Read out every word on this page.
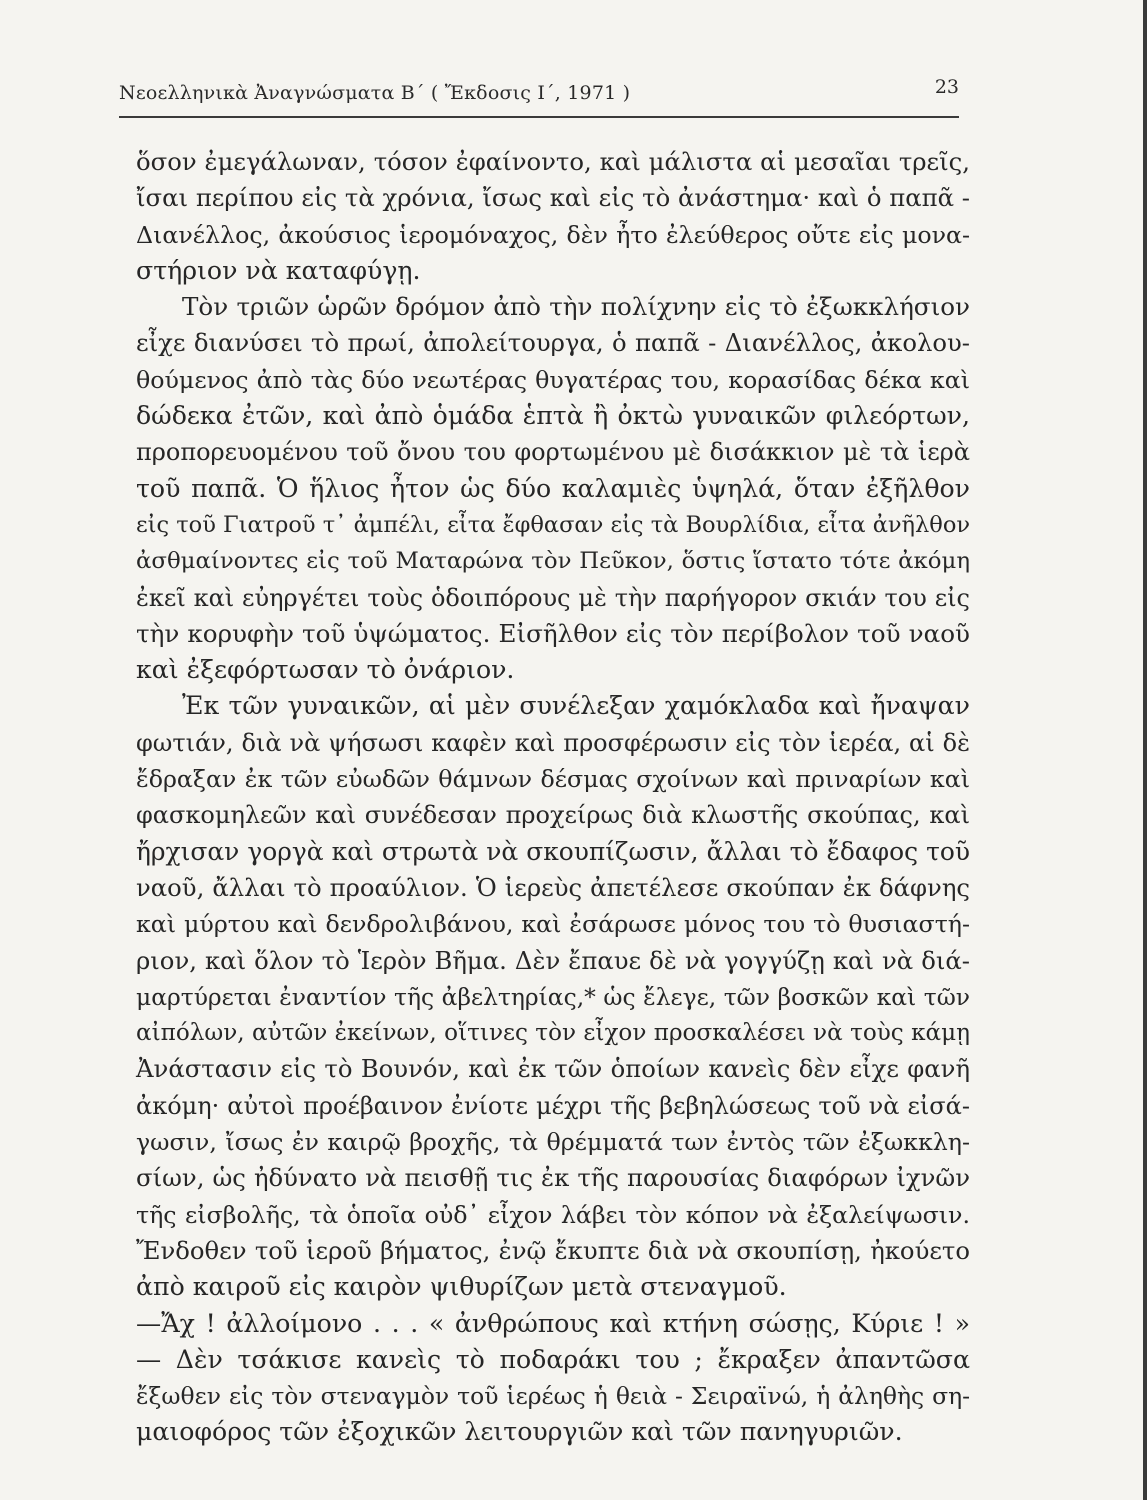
Νεοελληνικὰ Ἀναγνώσματα Β΄ ( Ἔκδοσις Ι΄, 1971 )	23
ὅσον ἐμεγάλωναν, τόσον ἐφαίνοντο, καὶ μάλιστα αἱ μεσαῖαι τρεῖς,
ἴσαι περίπου εἰς τὰ χρόνια, ἴσως καὶ εἰς τὸ ἀνάστημα· καὶ ὁ παπᾶ -
Διανέλλος, ἀκούσιος ἱερομόναχος, δὲν ἦτο ἐλεύθερος οὔτε εἰς μονα-
στήριον νὰ καταφύγῃ.
Τὸν τριῶν ὡρῶν δρόμον ἀπὸ τὴν πολίχνην εἰς τὸ ἐξωκκλήσιον
εἶχε διανύσει τὸ πρωί, ἀπολείτουργα, ὁ παπᾶ - Διανέλλος, ἀκολου-
θούμενος ἀπὸ τὰς δύο νεωτέρας θυγατέρας του, κορασίδας δέκα καὶ
δώδεκα ἐτῶν, καὶ ἀπὸ ὁμάδα ἑπτὰ ἢ ὀκτὼ γυναικῶν φιλεόρτων,
προπορευομένου τοῦ ὄνου του φορτωμένου μὲ δισάκκιον μὲ τὰ ἱερὰ
τοῦ παπᾶ. Ὁ ἥλιος ἦτον ὡς δύο καλαμιὲς ὑψηλά, ὅταν ἐξῆλθον
εἰς τοῦ Γιατροῦ τ᾿ ἀμπέλι, εἶτα ἔφθασαν εἰς τὰ Βουρλίδια, εἶτα ἀνῆλθον
ἀσθμαίνοντες εἰς τοῦ Ματαρώνα τὸν Πεῦκον, ὅστις ἵστατο τότε ἀκόμη
ἐκεῖ καὶ εὐηργέτει τοὺς ὁδοιπόρους μὲ τὴν παρήγορον σκιάν του εἰς
τὴν κορυφὴν τοῦ ὑψώματος. Εἰσῆλθον εἰς τὸν περίβολον τοῦ ναοῦ
καὶ ἐξεφόρτωσαν τὸ ὀνάριον.
Ἐκ τῶν γυναικῶν, αἱ μὲν συνέλεξαν χαμόκλαδα καὶ ἤναψαν
φωτιάν, διὰ νὰ ψήσωσι καφὲν καὶ προσφέρωσιν εἰς τὸν ἱερέα, αἱ δὲ
ἔδραξαν ἐκ τῶν εὐωδῶν θάμνων δέσμας σχοίνων καὶ πριναρίων καὶ
φασκομηλεῶν καὶ συνέδεσαν προχείρως διὰ κλωστῆς σκούπας, καὶ
ἤρχισαν γοργὰ καὶ στρωτὰ νὰ σκουπίζωσιν, ἄλλαι τὸ ἔδαφος τοῦ
ναοῦ, ἄλλαι τὸ προαύλιον. Ὁ ἱερεὺς ἀπετέλεσε σκούπαν ἐκ δάφνης
καὶ μύρτου καὶ δενδρολιβάνου, καὶ ἐσάρωσε μόνος του τὸ θυσιαστή-
ριον, καὶ ὅλον τὸ Ἱερὸν Βῆμα. Δὲν ἔπαυε δὲ νὰ γογγύζῃ καὶ νὰ διά-
μαρτύρεται ἐναντίον τῆς ἀβελτηρίας,* ὡς ἔλεγε, τῶν βοσκῶν καὶ τῶν
αἰπόλων, αὐτῶν ἐκείνων, οἵτινες τὸν εἶχον προσκαλέσει νὰ τοὺς κάμῃ
Ἀνάστασιν εἰς τὸ Βουνόν, καὶ ἐκ τῶν ὁποίων κανεὶς δὲν εἶχε φανῆ
ἀκόμη· αὐτοὶ προέβαινον ἐνίοτε μέχρι τῆς βεβηλώσεως τοῦ νὰ εἰσά-
γωσιν, ἴσως ἐν καιρῷ βροχῆς, τὰ θρέμματά των ἐντὸς τῶν ἐξωκκλη-
σίων, ὡς ἠδύνατο νὰ πεισθῇ τις ἐκ τῆς παρουσίας διαφόρων ἰχνῶν
τῆς εἰσβολῆς, τὰ ὁποῖα οὐδ᾿ εἶχον λάβει τὸν κόπον νὰ ἐξαλείψωσιν.
Ἔνδοθεν τοῦ ἱεροῦ βήματος, ἐνῷ ἔκυπτε διὰ νὰ σκουπίσῃ, ἠκούετο
ἀπὸ καιροῦ εἰς καιρὸν ψιθυρίζων μετὰ στεναγμοῦ.
—Ἄχ ! ἀλλοίμονο . . . « ἀνθρώπους καὶ κτήνη σώσῃς, Κύριε ! »
— Δὲν τσάκισε κανεὶς τὸ ποδαράκι του ; ἔκραξεν ἀπαντῶσα
ἔξωθεν εἰς τὸν στεναγμὸν τοῦ ἱερέως ἡ θειὰ - Σειραϊνώ, ἡ ἀληθὴς ση-
μαιοφόρος τῶν ἐξοχικῶν λειτουργιῶν καὶ τῶν πανηγυριῶν.
